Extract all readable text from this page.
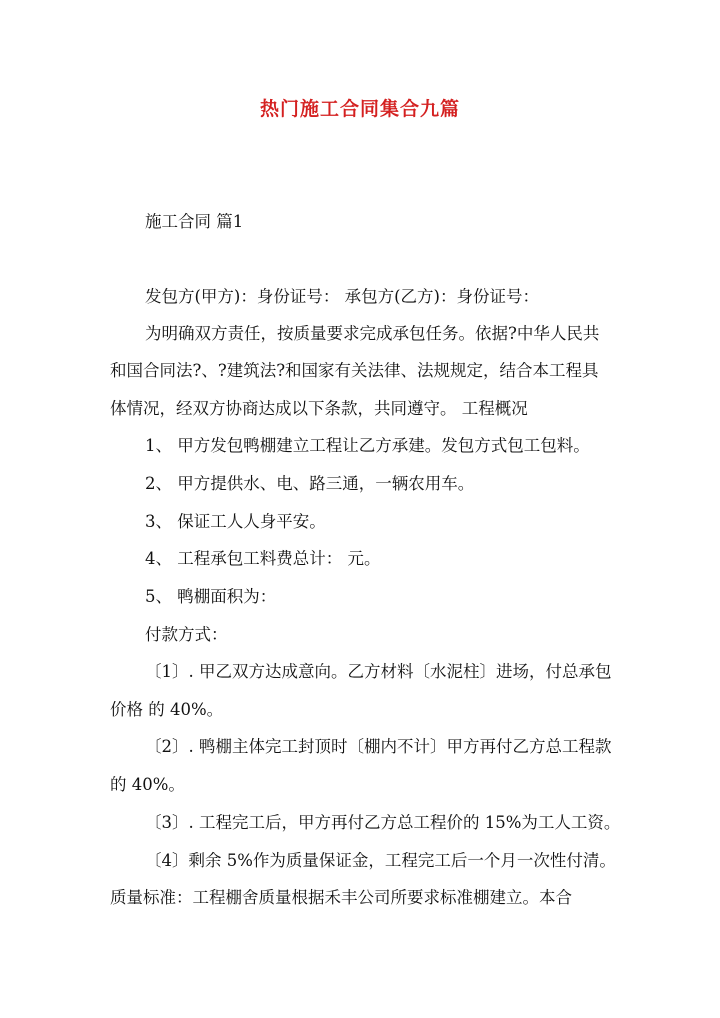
热门施工合同集合九篇
施工合同 篇1
发包方(甲方)：身份证号： 承包方(乙方)：身份证号：
为明确双方责任，按质量要求完成承包任务。依据?中华人民共
和国合同法?、?建筑法?和国家有关法律、法规规定，结合本工程具
体情况，经双方协商达成以下条款，共同遵守。 工程概况
1、 甲方发包鸭棚建立工程让乙方承建。发包方式包工包料。
2、 甲方提供水、电、路三通，一辆农用车。
3、 保证工人人身平安。
4、 工程承包工料费总计： 元。
5、 鸭棚面积为：
付款方式：
〔1〕. 甲乙双方达成意向。乙方材料〔水泥柱〕进场，付总承包
价格 的 40%。
〔2〕. 鸭棚主体完工封顶时〔棚内不计〕甲方再付乙方总工程款
的 40%。
〔3〕. 工程完工后，甲方再付乙方总工程价的 15%为工人工资。
〔4〕剩余 5%作为质量保证金，工程完工后一个月一次性付清。
质量标准：工程棚舍质量根据禾丰公司所要求标准棚建立。本合
